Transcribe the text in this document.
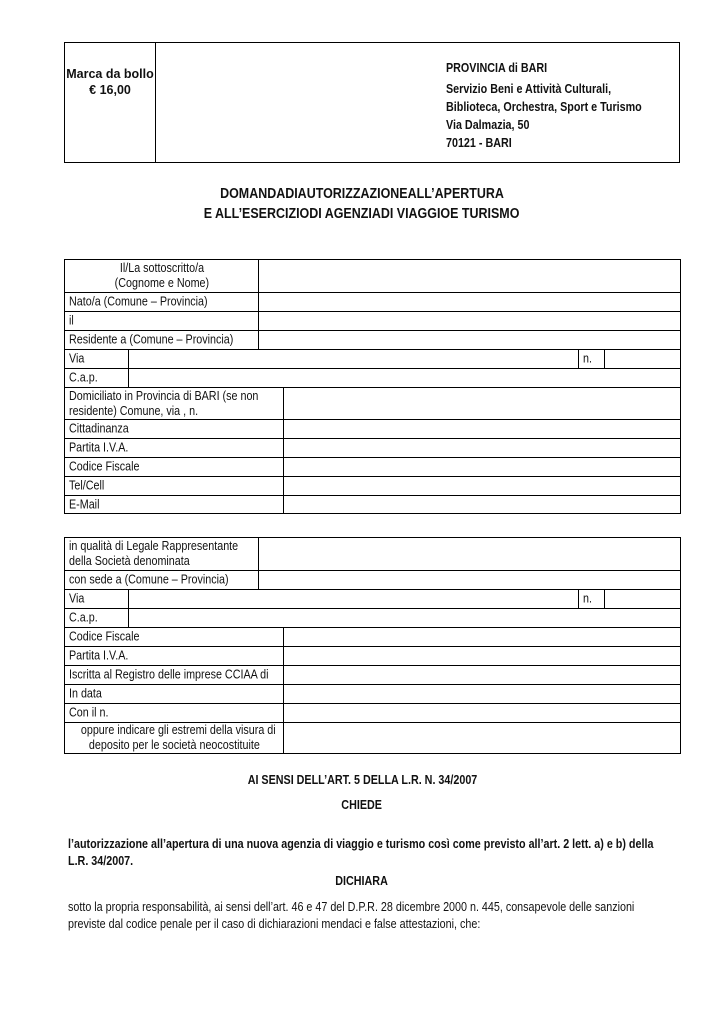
Marca da bollo
€ 16,00
PROVINCIA di BARI
Servizio Beni e Attività Culturali,
Biblioteca, Orchestra, Sport e Turismo
Via Dalmazia, 50
70121 - BARI
DOMANDADIAUTORIZZAZIONEALL’APERTURA
E ALL’ESERCIZIODI AGENZIADI VIAGGIOE TURISMO
Il/La sottoscritto/a
(Cognome e Nome)
Nato/a (Comune – Provincia)
il
Residente a (Comune – Provincia)
Via	n.
C.a.p.
Domiciliato in Provincia di BARI (se non
residente) Comune, via , n.
Cittadinanza
Partita I.V.A.
Codice Fiscale
Tel/Cell
E-Mail
in qualità di Legale Rappresentante
della Società denominata
con sede a (Comune – Provincia)
Via	n.
C.a.p.
Codice Fiscale
Partita I.V.A.
Iscritta al Registro delle imprese CCIAA di
In data
Con il n.
oppure indicare gli estremi della visura di
deposito per le società neocostituite
AI SENSI DELL’ART. 5 DELLA L.R. N. 34/2007
CHIEDE
l’autorizzazione all’apertura di una nuova agenzia di viaggio e turismo così come previsto all’art. 2 lett. a) e b) della
L.R. 34/2007.
DICHIARA
sotto la propria responsabilità, ai sensi dell’art. 46 e 47 del D.P.R. 28 dicembre 2000 n. 445, consapevole delle sanzioni
previste dal codice penale per il caso di dichiarazioni mendaci e false attestazioni, che:
